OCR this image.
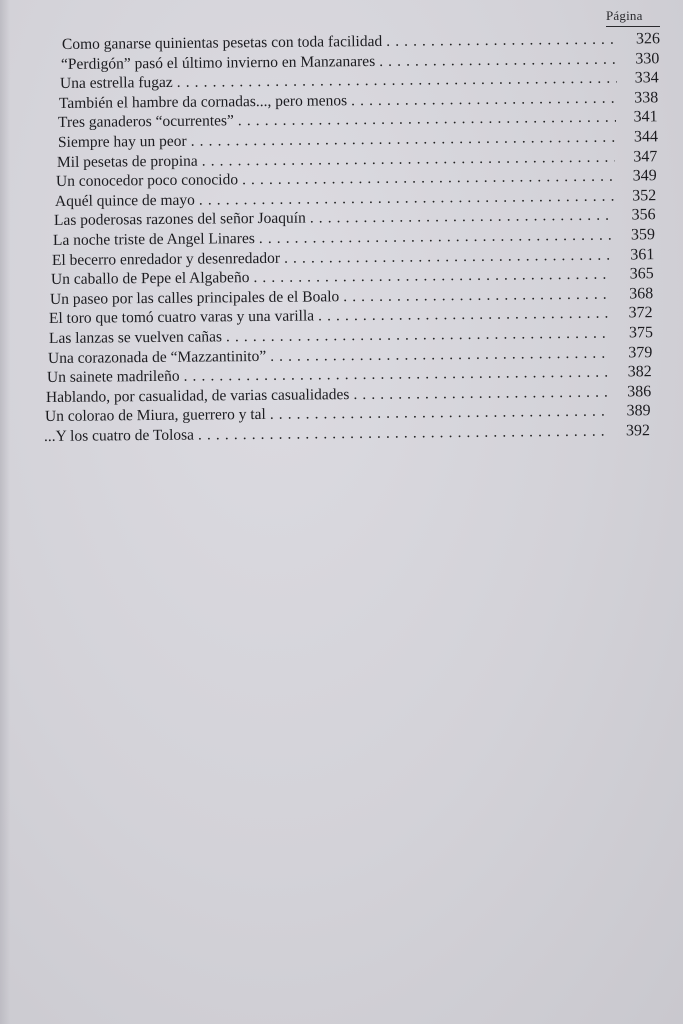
Página
Como ganarse quinientas pesetas con toda facilidad . . .	326
“Perdigón” pasó el último invierno en Manzanares . . .	330
Una estrella fugaz . . .	334
También el hambre da cornadas..., pero menos . . .	338
Tres ganaderos “ocurrentes” . . .	341
Siempre hay un peor . . .	344
Mil pesetas de propina . . .	347
Un conocedor poco conocido . . .	349
Aquél quince de mayo . . .	352
Las poderosas razones del señor Joaquín . . .	356
La noche triste de Angel Linares . . .	359
El becerro enredador y desenredador . . .	361
Un caballo de Pepe el Algabeño . . .	365
Un paseo por las calles principales de el Boalo . . .	368
El toro que tomó cuatro varas y una varilla . . .	372
Las lanzas se vuelven cañas . . .	375
Una corazonada de “Mazzantinito” . . .	379
Un sainete madrileño . . .	382
Hablando, por casualidad, de varias casualidades . . .	386
Un colorao de Miura, guerrero y tal . . .	389
...Y los cuatro de Tolosa . . .	392
